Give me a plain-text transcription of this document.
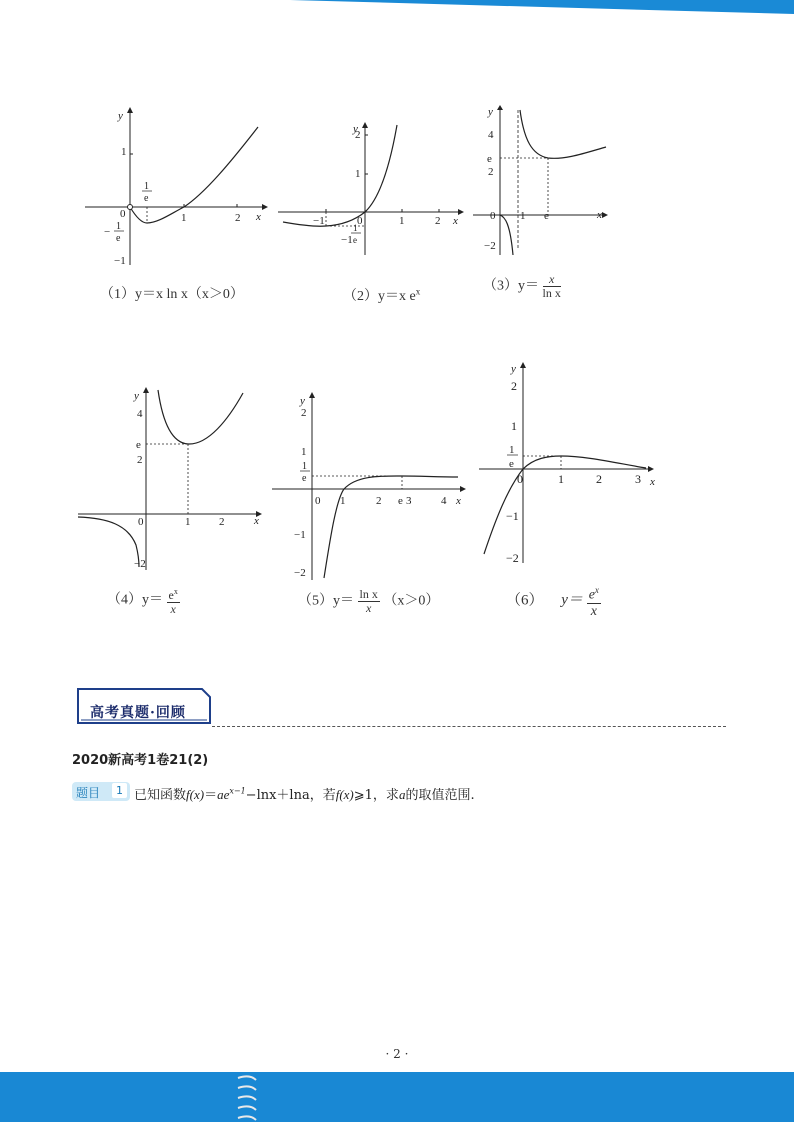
y
x
1
1	2
0
−1
1
e
− 1
e
（1）y＝x ln x（x＞0）
y
x
2
1
−1	1	2
0
−1
1
e
（2）y＝x $e^x$
y
x
4
e
2
0 1 e
−2
$(3)y= \frac{x}{\text{ln x}}$
y
x
4
e
2
0	1	2
−2
$(4)y= \frac{e^x}{x}$
y
x
2
1
1
e
0 1	2 e 3	4
−1
−2
$(5)y= \frac{\text{ln x}}{x} (x>0)$
y
x
2
1
1
e
0	1	2	3
−1
−2
（6） $y= \frac{e^x}{x}$
高考真题·回顾
2020新高考1卷21(2)
题目	1 已知函数$f(x)=ae^{x-1}-\ln x+\ln a$，若f(x)⩾1，求a的取值范围.
· 2 ·
